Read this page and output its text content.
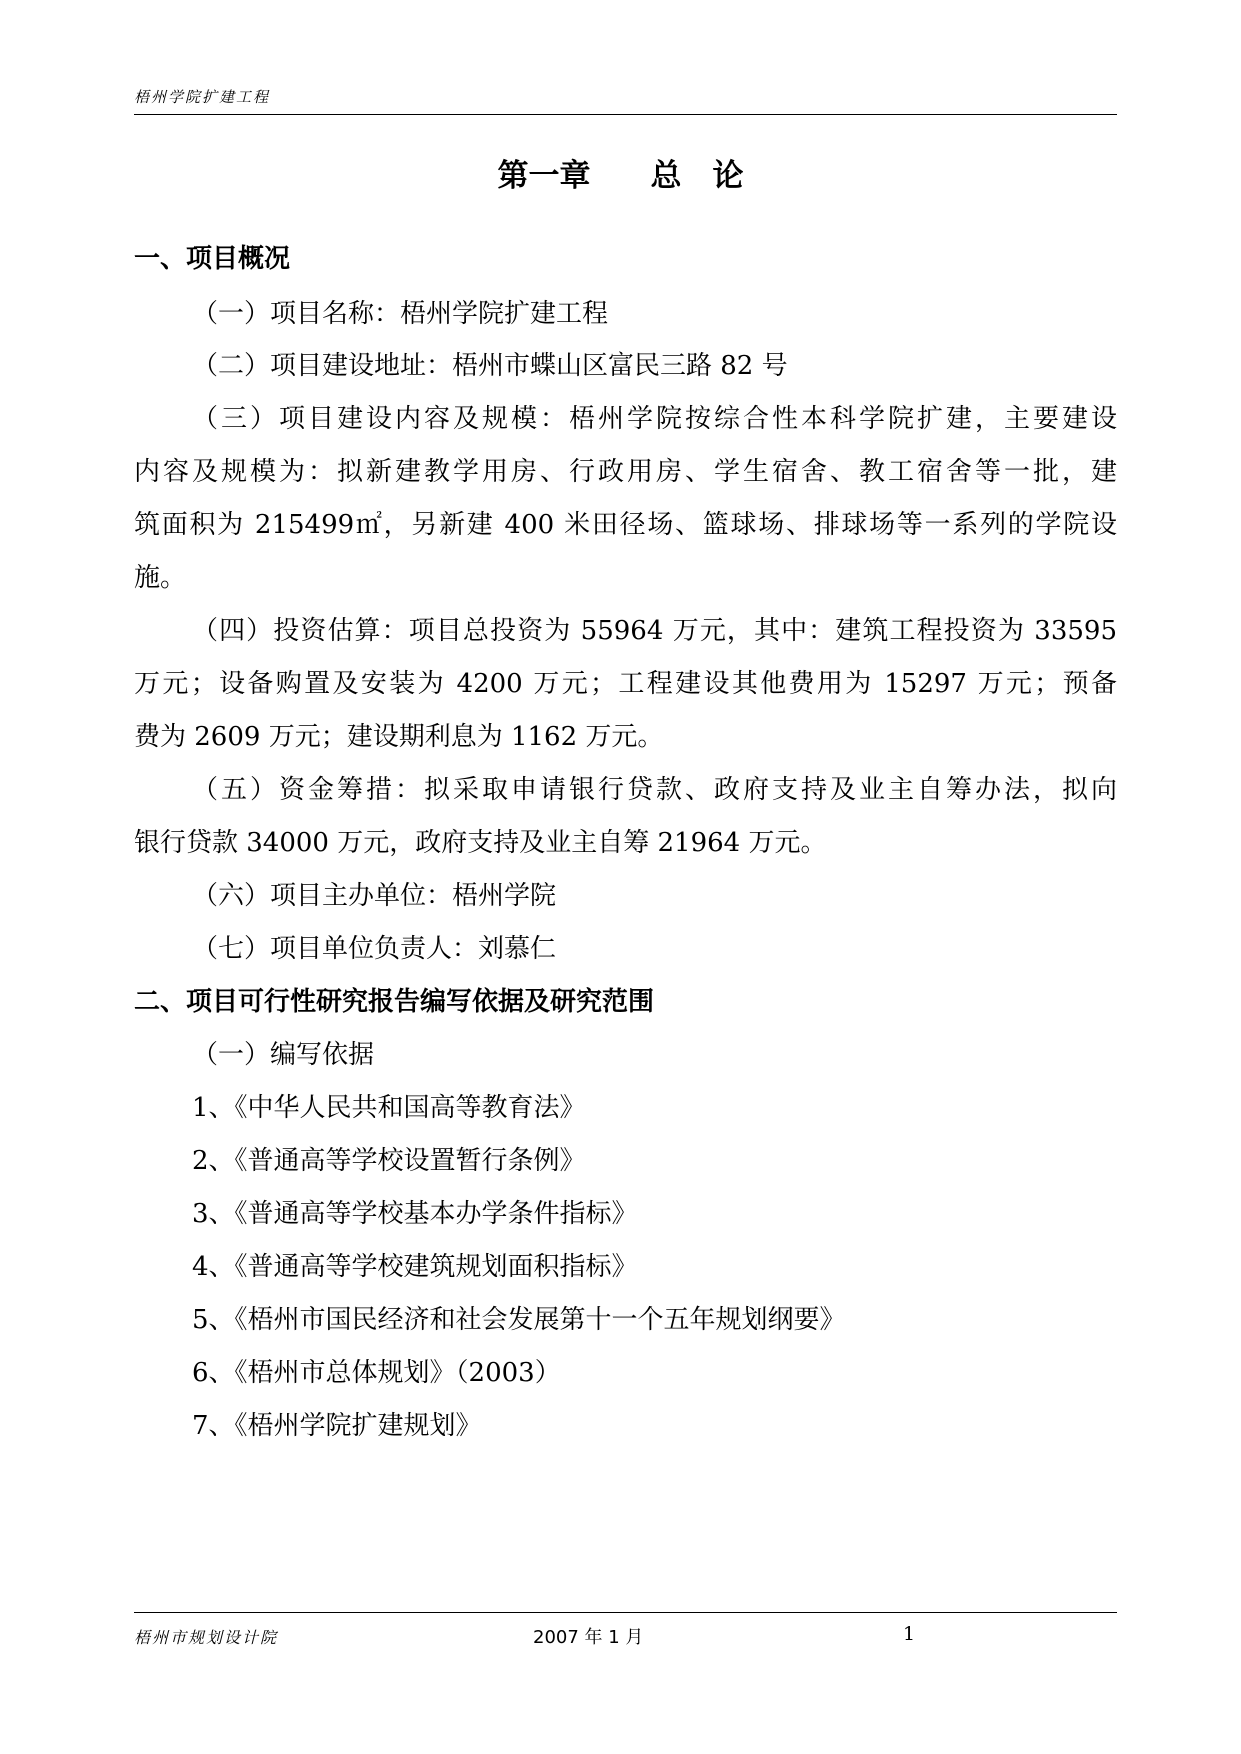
梧州学院扩建工程
第一章 总　论
一、项目概况
（一）项目名称：梧州学院扩建工程
（二）项目建设地址：梧州市蝶山区富民三路 82 号
（三）项目建设内容及规模：梧州学院按综合性本科学院扩建，主要建设
内容及规模为：拟新建教学用房、行政用房、学生宿舍、教工宿舍等一批，建
筑面积为 215499㎡，另新建 400 米田径场、篮球场、排球场等一系列的学院设
施。
（四）投资估算：项目总投资为 55964 万元，其中：建筑工程投资为 33595
万元；设备购置及安装为 4200 万元；工程建设其他费用为 15297 万元；预备
费为 2609 万元；建设期利息为 1162 万元。
（五）资金筹措：拟采取申请银行贷款、政府支持及业主自筹办法，拟向
银行贷款 34000 万元，政府支持及业主自筹 21964 万元。
（六）项目主办单位：梧州学院
（七）项目单位负责人：刘慕仁
二、项目可行性研究报告编写依据及研究范围
（一）编写依据
1、《中华人民共和国高等教育法》
2、《普通高等学校设置暂行条例》
3、《普通高等学校基本办学条件指标》
4、《普通高等学校建筑规划面积指标》
5、《梧州市国民经济和社会发展第十一个五年规划纲要》
6、《梧州市总体规划》（2003）
7、《梧州学院扩建规划》
梧州市规划设计院	2007 年 1 月	1
